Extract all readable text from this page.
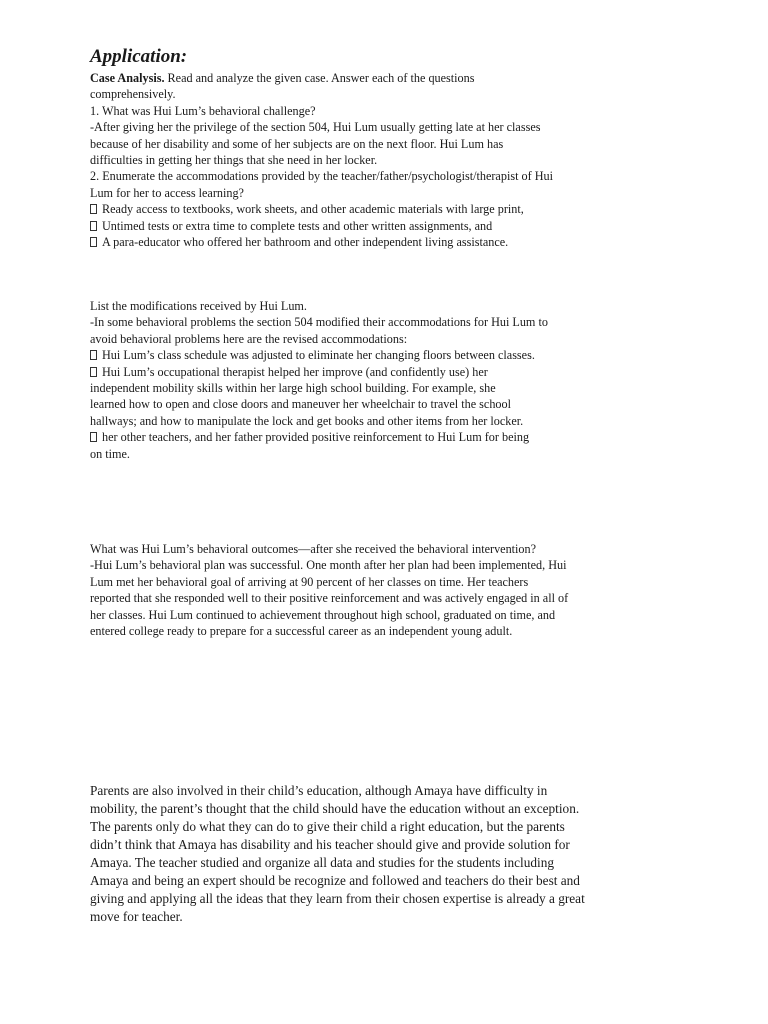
Application:
Case Analysis. Read and analyze the given case. Answer each of the questions
comprehensively.
1. What was Hui Lum’s behavioral challenge?
-After giving her the privilege of the section 504, Hui Lum usually getting late at her classes
because of her disability and some of her subjects are on the next floor. Hui Lum has
difficulties in getting her things that she need in her locker.
2. Enumerate the accommodations provided by the teacher/father/psychologist/therapist of Hui
Lum for her to access learning?
Ready access to textbooks, work sheets, and other academic materials with large print,
Untimed tests or extra time to complete tests and other written assignments, and
A para-educator who offered her bathroom and other independent living assistance.
List the modifications received by Hui Lum.
-In some behavioral problems the section 504 modified their accommodations for Hui Lum to
avoid behavioral problems here are the revised accommodations:
Hui Lum’s class schedule was adjusted to eliminate her changing floors between classes.
Hui Lum’s occupational therapist helped her improve (and confidently use) her
independent mobility skills within her large high school building. For example, she
learned how to open and close doors and maneuver her wheelchair to travel the school
hallways; and how to manipulate the lock and get books and other items from her locker.
her other teachers, and her father provided positive reinforcement to Hui Lum for being
on time.
What was Hui Lum’s behavioral outcomes—after she received the behavioral intervention?
-Hui Lum’s behavioral plan was successful. One month after her plan had been implemented, Hui
Lum met her behavioral goal of arriving at 90 percent of her classes on time. Her teachers
reported that she responded well to their positive reinforcement and was actively engaged in all of
her classes. Hui Lum continued to achievement throughout high school, graduated on time, and
entered college ready to prepare for a successful career as an independent young adult.
Parents are also involved in their child’s education, although Amaya have difficulty in
mobility, the parent’s thought that the child should have the education without an exception.
The parents only do what they can do to give their child a right education, but the parents
didn’t think that Amaya has disability and his teacher should give and provide solution for
Amaya. The teacher studied and organize all data and studies for the students including
Amaya and being an expert should be recognize and followed and teachers do their best and
giving and applying all the ideas that they learn from their chosen expertise is already a great
move for teacher.
